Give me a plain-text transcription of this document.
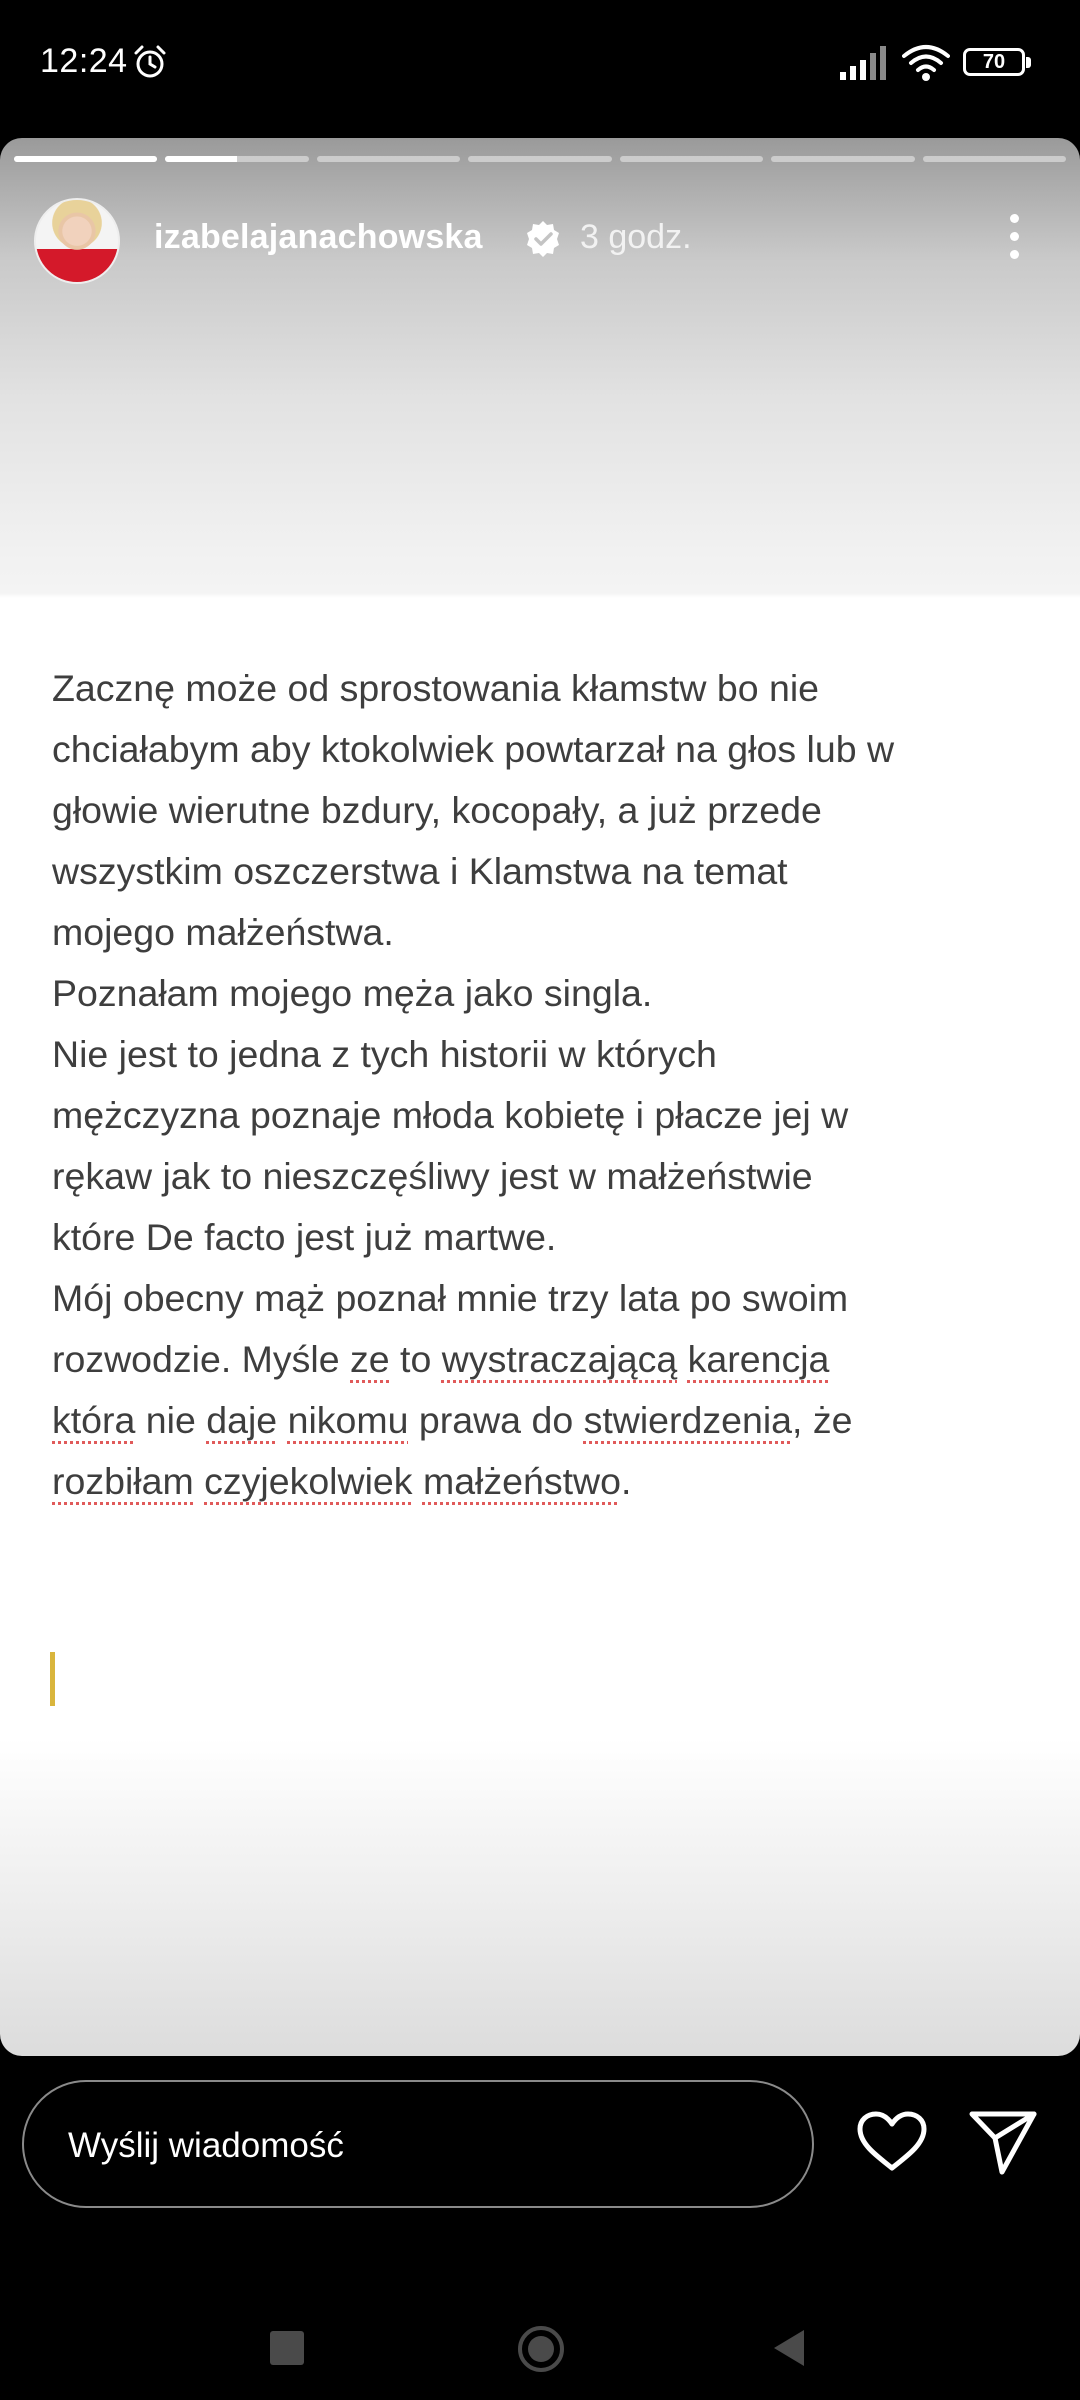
12:24	70
izabelajanachowska	3 godz.
Zacznę może od sprostowania kłamstw bo nie
chciałabym aby ktokolwiek powtarzał na głos lub w
głowie wierutne bzdury, kocopały, a już przede
wszystkim oszczerstwa i Klamstwa na temat
mojego małżeństwa.
Poznałam mojego męża jako singla.
Nie jest to jedna z tych historii w których
mężczyzna poznaje młoda kobietę i płacze jej w
rękaw jak to nieszczęśliwy jest w małżeństwie
które De facto jest już martwe.
Mój obecny mąż poznał mnie trzy lata po swoim
rozwodzie. Myśle ze to wystraczającą karencja
która nie daje nikomu prawa do stwierdzenia, że
rozbiłam czyjekolwiek małżeństwo.
Wyślij wiadomość
